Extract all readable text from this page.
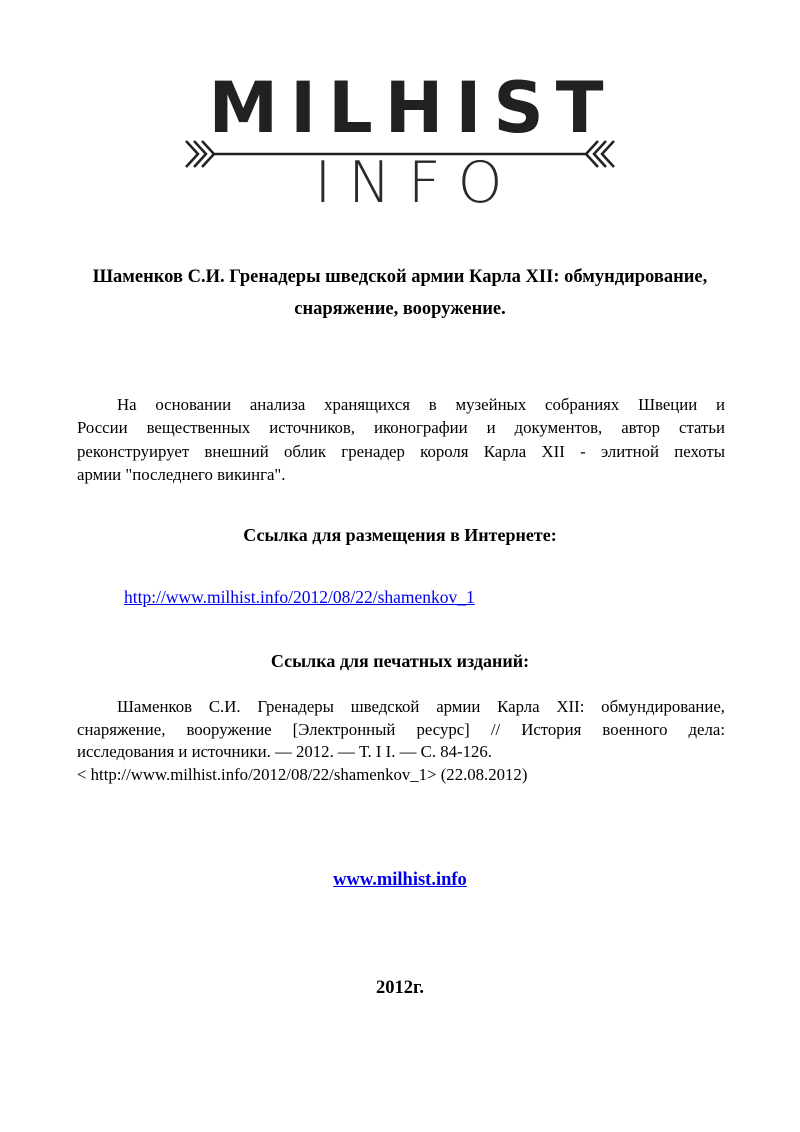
MILHIST
INFO
Шаменков С.И. Гренадеры шведской армии Карла XII: обмундирование,
снаряжение, вооружение.
На основании анализа хранящихся в музейных собраниях Швеции и
России вещественных источников, иконографии и документов, автор статьи
реконструирует внешний облик гренадер короля Карла XII - элитной пехоты
армии "последнего викинга".
Ссылка для размещения в Интернете:
http://www.milhist.info/2012/08/22/shamenkov_1
Ссылка для печатных изданий:
Шаменков С.И. Гренадеры шведской армии Карла XII: обмундирование,
снаряжение, вооружение [Электронный ресурс] // История военного дела:
исследования и источники. — 2012. — Т. I I. — С. 84-126.
< http://www.milhist.info/2012/08/22/shamenkov_1> (22.08.2012)
www.milhist.info
2012г.
